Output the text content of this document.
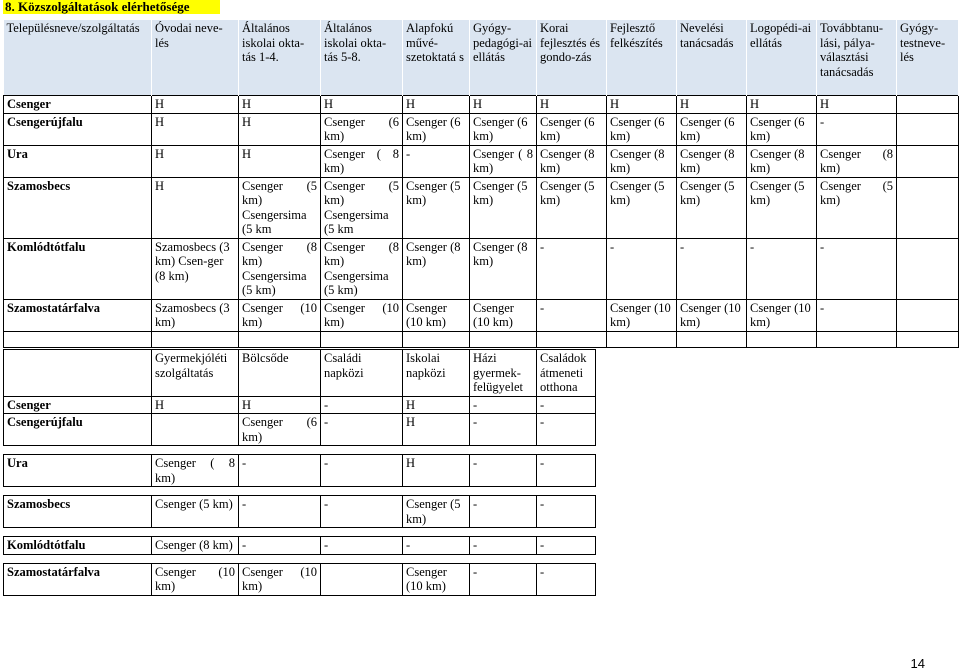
8. Közszolgáltatások elérhetősége
Településneve/szolgáltatás	Óvodai neve-lés	Általános iskolai okta-tás 1-4.	Általános iskolai okta-tás 5-8.	Alapfokú művé-szetoktatá s	Gyógy-pedagógi-ai ellátás	Korai fejlesztés és gondo-zás	Fejlesztő felkészítés	Nevelési tanácsadás	Logopédi-ai ellátás	Továbbtanu-lási, pálya-választási tanácsadás	Gyógy-testneve-lés
Csenger	H	H	H	H	H	H	H	H	H	H	
Csengerújfalu	H	H	Csenger (6 km)	Csenger (6 km)	Csenger (6 km)	Csenger (6 km)	Csenger (6 km)	Csenger (6 km)	Csenger (6 km)	-	
Ura	H	H	Csenger ( 8 km)	-	Csenger ( 8 km)	Csenger (8 km)	Csenger (8 km)	Csenger (8 km)	Csenger (8 km)	Csenger (8 km)	
Szamosbecs	H	Csenger (5 km) Csengersima (5 km	Csenger (5 km) Csengersima (5 km	Csenger (5 km)	Csenger (5 km)	Csenger (5 km)	Csenger (5 km)	Csenger (5 km)	Csenger (5 km)	Csenger (5 km)	
Komlódtótfalu	Szamosbecs (3 km) Csen-ger (8 km)	Csenger (8 km) Csengersima (5 km)	Csenger (8 km) Csengersima (5 km)	Csenger (8 km)	Csenger (8 km)	-	-	-	-	-	
Szamostatárfalva	Szamosbecs (3 km)	Csenger (10 km)	Csenger (10 km)	Csenger (10 km)	Csenger (10 km)	-	Csenger (10 km)	Csenger (10 km)	Csenger (10 km)	-	

	Gyermekjóléti szolgáltatás	Bölcsőde	Családi napközi	Iskolai napközi	Házi gyermek-felügyelet	Családok átmeneti otthona
Csenger	H	H	-	H	-	-
Csengerújfalu		Csenger (6 km)	-	H	-	-

Ura	Csenger ( 8 km)	-	-	H	-	-

Szamosbecs	Csenger (5 km)	-	-	Csenger (5 km)	-	-

Komlódtótfalu	Csenger (8 km)	-	-	-	-	-

Szamostatárfalva	Csenger (10 km)	Csenger (10 km)		Csenger (10 km)	-	-
14
